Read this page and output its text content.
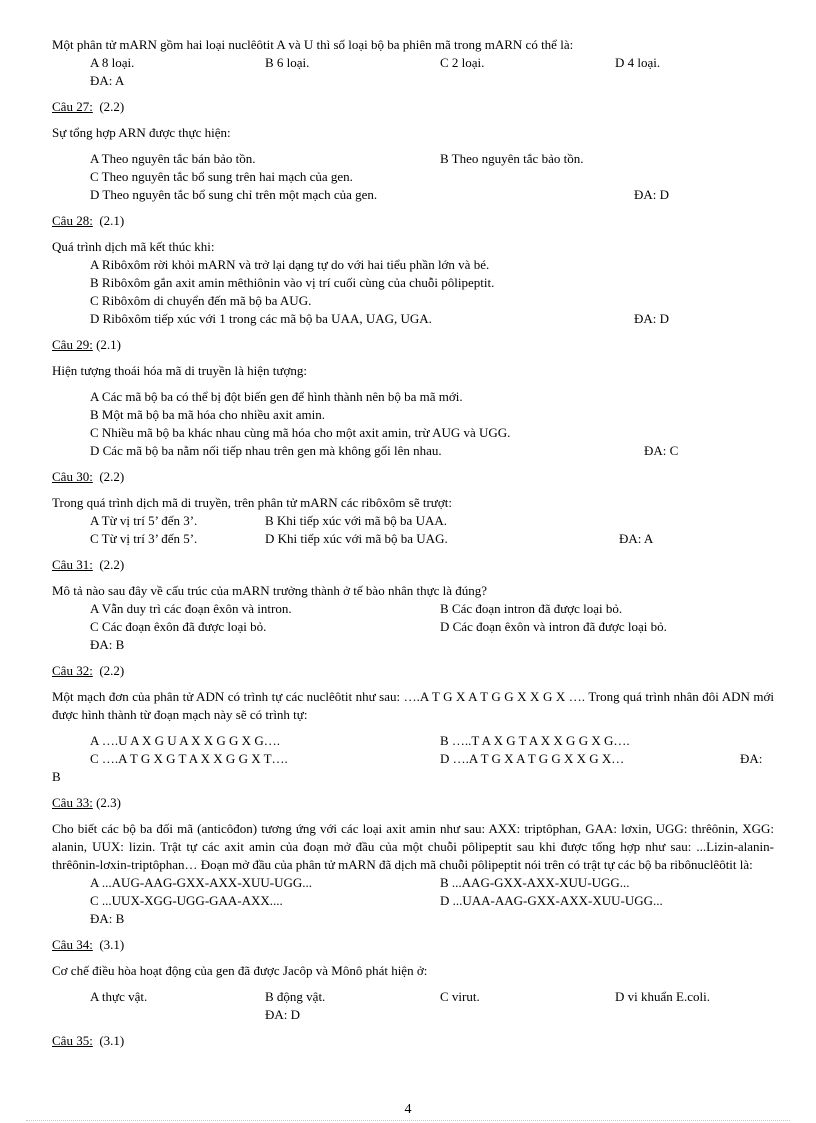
Một phân tử mARN gồm hai loại nuclêôtit A và U thì số loại bộ ba phiên mã trong mARN có thể là:

A 8 loại.	B 6 loại.	C 2 loại.	D 4 loại.

ĐA: A

Câu 27: (2.2)

Sự tổng hợp ARN được thực hiện:

A Theo nguyên tắc bán bảo tồn.	B Theo nguyên tắc bảo tồn.

C Theo nguyên tắc bổ sung trên hai mạch của gen.

D Theo nguyên tắc bổ sung chỉ trên một mạch của gen.	ĐA: D

Câu 28: (2.1)

Quá trình dịch mã kết thúc khi:

A Ribôxôm rời khỏi mARN và trở lại dạng tự do với hai tiểu phần lớn và bé.

B Ribôxôm gắn axit amin mêthiônin vào vị trí cuối cùng của chuỗi pôlipeptit.

C Ribôxôm di chuyển đến mã bộ ba AUG.

D Ribôxôm tiếp xúc với 1 trong các mã bộ ba UAA, UAG, UGA.	ĐA: D

Câu 29: (2.1)

Hiện tượng thoái hóa mã di truyền là hiện tượng:

A Các mã bộ ba có thể bị đột biến gen để hình thành nên bộ ba mã mới.

B Một mã bộ ba mã hóa cho nhiều axit amin.

C Nhiều mã bộ ba khác nhau cùng mã hóa cho một axit amin, trừ AUG và UGG.

D Các mã bộ ba nằm nối tiếp nhau trên gen mà không gối lên nhau.	ĐA: C

Câu 30: (2.2)

Trong quá trình dịch mã di truyền, trên phân tử mARN các ribôxôm sẽ trượt:

A Từ vị trí 5’ đến 3’.	B Khi tiếp xúc với mã bộ ba UAA.
C Từ vị trí 3’ đến 5’.	D Khi tiếp xúc với mã bộ ba UAG.	ĐA: A

Câu 31: (2.2)

Mô tả nào sau đây về cấu trúc của mARN trưởng thành ở tế bào nhân thực là đúng?

A Vẫn duy trì các đoạn êxôn và intron.	B Các đoạn intron đã được loại bỏ.
C Các đoạn êxôn đã được loại bỏ.	D Các đoạn êxôn và intron đã được loại bỏ.

ĐA: B

Câu 32: (2.2)

Một mạch đơn của phân tử ADN có trình tự các nuclêôtit như sau: ….A T G X A T G G X X G X …. Trong quá trình nhân đôi ADN mới được hình thành từ đoạn mạch này sẽ có trình tự:

A ….U A X G U A X X G G X G….	B …..T A X G T A X X G G X G….
C ….A T G X G T A X X G G X T….	D ….A T G X A T G G X X G X…	ĐA:

B

Câu 33: (2.3)

Cho biết các bộ ba đối mã (anticôđon) tương ứng với các loại axit amin như sau: AXX: triptôphan, GAA: lơxin, UGG: thrêônin, XGG: alanin, UUX: lizin. Trật tự các axit amin của đoạn mở đầu của một chuỗi pôlipeptit sau khi được tổng hợp như sau: ...Lizin-alanin-thrêônin-lơxin-triptôphan… Đoạn mở đầu của phân tử mARN đã dịch mã chuỗi pôlipeptit nói trên có trật tự các bộ ba ribônuclêôtit là:

A ...AUG-AAG-GXX-AXX-XUU-UGG...	B ...AAG-GXX-AXX-XUU-UGG...
C ...UUX-XGG-UGG-GAA-AXX....	D ...UAA-AAG-GXX-AXX-XUU-UGG...

ĐA: B

Câu 34: (3.1)

Cơ chế điều hòa hoạt động của gen đã được Jacôp và Mônô phát hiện ở:

A thực vật.	B động vật.	C virut.	D vi khuẩn E.coli.

ĐA: D

Câu 35: (3.1)

4
